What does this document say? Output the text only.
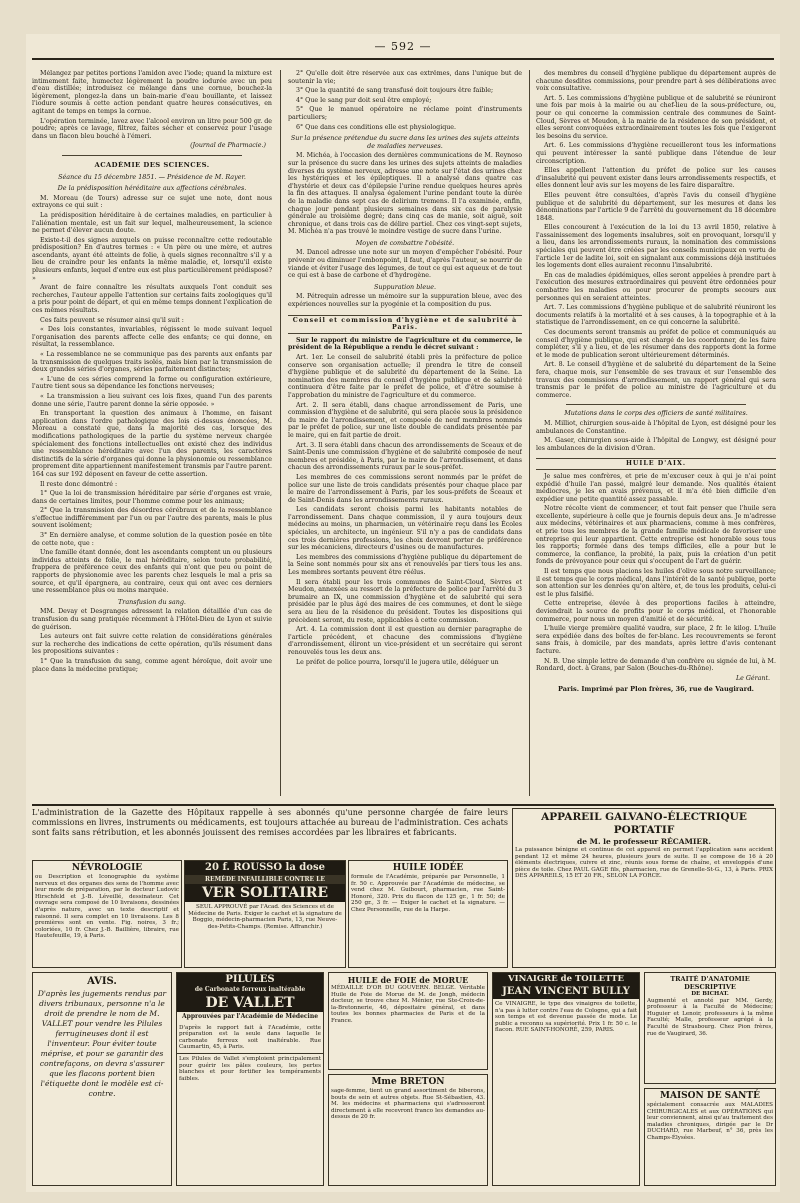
— 592 —

Mélangez par petites portions l'amidon avec l'iode; quand la mixture est intimement faite, humectez légèrement la poudre iodurée avec un peu d'eau distillée; introduisez ce mélange dans une cornue, bouchez-la légèrement, plongez-la dans un bain-marie d'eau bouillante, et laissez l'iodure soumis à cette action pendant quatre heures consécutives, en agitant de temps en temps la cornue.

L'opération terminée, lavez avec l'alcool environ un litre pour 500 gr. de poudre; après ce lavage, filtrez, faites sécher et conservez pour l'usage dans un flacon bleu bouché à l'émeri.

(Journal de Pharmacie.)
ACADÉMIE DES SCIENCES.
Séance du 15 décembre 1851. — Présidence de M. Rayer.
De la prédisposition héréditaire aux affections cérébrales.

M. Moreau (de Tours) adresse sur ce sujet une note, dont nous extrayons ce qui suit :

La prédisposition héréditaire à de certaines maladies, en particulier à l'aliénation mentale, est un fait sur lequel, malheureusement, la science ne permet d'élever aucun doute.

Existe-t-il des signes auxquels on puisse reconnaître cette redoutable prédisposition? En d'autres termes : « Un père ou une mère, et autres ascendants, ayant été atteints de folie, à quels signes reconnaître s'il y a lieu de craindre pour les enfants la même maladie, et, lorsqu'il existe plusieurs enfants, lequel d'entre eux est plus particulièrement prédisposé? »

Avant de faire connaître les résultats auxquels l'ont conduit ses recherches, l'auteur appelle l'attention sur certains faits zoologiques qu'il a pris pour point de départ, et qui en même temps donnent l'explication de ces mêmes résultats.

Ces faits peuvent se résumer ainsi qu'il suit :

« Des lois constantes, invariables, régissent le mode suivant lequel l'organisation des parents affecte celle des enfants; ce qui donne, en résultat, la ressemblance.

« La ressemblance ne se communique pas des parents aux enfants par la transmission de quelques traits isolés, mais bien par la transmission de deux grandes séries d'organes, séries parfaitement distinctes;

« L'une de ces séries comprend la forme ou configuration extérieure, l'autre tient sous sa dépendance les fonctions nerveuses;

« La transmission a lieu suivant ces lois fixes, quand l'un des parents donne une série, l'autre parent donne la série opposée. »

En transportant la question des animaux à l'homme, en faisant application dans l'ordre pathologique des lois ci-dessus énoncées, M. Moreau a constaté que, dans la majorité des cas, lorsque des modifications pathologiques de la partie du système nerveux chargée spécialement des fonctions intellectuelles ont existé chez des individus une ressemblance héréditaire avec l'un des parents, les caractères distinctifs de la série d'organes qui donne la physionomie ou ressemblance proprement dite appartiennent manifestement transmis par l'autre parent. 164 cas sur 192 déposent en faveur de cette assertion.

Il reste donc démontré :

1° Que la loi de transmission héréditaire par série d'organes est vraie, dans de certaines limites, pour l'homme comme pour les animaux;

2° Que la transmission des désordres cérébraux et de la ressemblance s'effectue indifféremment par l'un ou par l'autre des parents, mais le plus souvent isolément;

3° En dernière analyse, et comme solution de la question posée en tête de cette note, que :

Une famille étant donnée, dont les ascendants comptent un ou plusieurs individus atteints de folie, le mal héréditaire, selon toute probabilité, frappera de préférence ceux des enfants qui n'ont que peu ou point de rapports de physionomie avec les parents chez lesquels le mal a pris sa source, et qu'il épargnera, au contraire, ceux qui ont avec ces derniers une ressemblance plus ou moins marquée.

Transfusion du sang.

MM. Devay et Desgranges adressent la relation détaillée d'un cas de transfusion du sang pratiquée récemment à l'Hôtel-Dieu de Lyon et suivie de guérison.

Les auteurs ont fait suivre cette relation de considérations générales sur la recherche des indications de cette opération, qu'ils résument dans les propositions suivantes :

1° Que la transfusion du sang, comme agent héroïque, doit avoir une place dans la médecine pratique;

2° Qu'elle doit être réservée aux cas extrêmes, dans l'unique but de soutenir la vie;

3° Que la quantité de sang transfusé doit toujours être faible;

4° Que le sang pur doit seul être employé;

5° Que le manuel opératoire ne réclame point d'instruments particuliers;

6° Que dans ces conditions elle est physiologique.

Sur la présence prétendue du sucre dans les urines des sujets atteints de maladies nerveuses.

M. Michéa, à l'occasion des dernières communications de M. Reynoso sur la présence du sucre dans les urines des sujets atteints de maladies diverses du système nerveux, adresse une note sur l'état des urines chez les hystériques et les épileptiques. Il a analysé dans quatre cas d'hystérie et deux cas d'épilepsie l'urine rendue quelques heures après la fin des attaques. Il analysa également l'urine pendant toute la durée de la maladie dans sept cas de delirium tremens. Il l'a examinée, enfin, chaque jour pendant plusieurs semaines dans six cas de paralysie générale au troisième degré; dans cinq cas de manie, soit aiguë, soit chronique, et dans trois cas de délire partiel. Chez ces vingt-sept sujets, M. Michéa n'a pas trouvé le moindre vestige de sucre dans l'urine.

Moyen de combattre l'obésité.

M. Dancel adresse une note sur un moyen d'empêcher l'obésité. Pour prévenir ou diminuer l'embonpoint, il faut, d'après l'auteur, se nourrir de viande et éviter l'usage des légumes, de tout ce qui est aqueux et de tout ce qui est à base de carbone et d'hydrogène.

Suppuration bleue.

M. Pétrequin adresse un mémoire sur la suppuration bleue, avec des expériences nouvelles sur la pyogénie et la composition du pus.

Conseil et commission d'hygiène et de salubrité à Paris.

Sur le rapport du ministre de l'agriculture et du commerce, le président de la République a rendu le décret suivant :

Art. 1er. Le conseil de salubrité établi près la préfecture de police conserve son organisation actuelle; il prendra le titre de conseil d'hygiène publique et de salubrité du département de la Seine. La nomination des membres du conseil d'hygiène publique et de salubrité continuera d'être faite par le préfet de police, et d'être soumise à l'approbation du ministre de l'agriculture et du commerce.

Art. 2. Il sera établi, dans chaque arrondissement de Paris, une commission d'hygiène et de salubrité, qui sera placée sous la présidence du maire de l'arrondissement, et composée de neuf membres nommés par le préfet de police, sur une liste double de candidats présentée par le maire, qui en fait partie de droit.

Art. 3. Il sera établi dans chacun des arrondissements de Sceaux et de Saint-Denis une commission d'hygiène et de salubrité composée de neuf membres et présidée, à Paris, par le maire de l'arrondissement, et dans chacun des arrondissements ruraux par le sous-préfet.

Les membres de ces commissions seront nommés par le préfet de police sur une liste de trois candidats présentés pour chaque place par le maire de l'arrondissement à Paris, par les sous-préfets de Sceaux et de Saint-Denis dans les arrondissements ruraux.

Les candidats seront choisis parmi les habitants notables de l'arrondissement. Dans chaque commission, il y aura toujours deux médecins au moins, un pharmacien, un vétérinaire reçu dans les Écoles spéciales, un architecte, un ingénieur. S'il n'y a pas de candidats dans ces trois dernières professions, les choix devront porter de préférence sur les mécaniciens, directeurs d'usines ou de manufactures.

Les membres des commissions d'hygiène publique du département de la Seine sont nommés pour six ans et renouvelés par tiers tous les ans. Les membres sortants peuvent être réélus.

Il sera établi pour les trois communes de Saint-Cloud, Sèvres et Meudon, annexées au ressort de la préfecture de police par l'arrêté du 3 brumaire an IX, une commission d'hygiène et de salubrité qui sera présidée par le plus âgé des maires de ces communes, et dont le siège sera au lieu de la résidence du président. Toutes les dispositions qui précèdent seront, du reste, applicables à cette commission.

Art. 4. La commission dont il est question au dernier paragraphe de l'article précédent, et chacune des commissions d'hygiène d'arrondissement, éliront un vice-président et un secrétaire qui seront renouvelés tous les deux ans.

Le préfet de police pourra, lorsqu'il le jugera utile, déléguer un

des membres du conseil d'hygiène publique du département auprès de chacune desdites commissions, pour prendre part à ses délibérations avec voix consultative.

Art. 5. Les commissions d'hygiène publique et de salubrité se réuniront une fois par mois à la mairie ou au chef-lieu de la sous-préfecture, ou, pour ce qui concerne la commission centrale des communes de Saint-Cloud, Sèvres et Meudon, à la mairie de la résidence de son président, et elles seront convoquées extraordinairement toutes les fois que l'exigeront les besoins du service.

Art. 6. Les commissions d'hygiène recueilleront tous les informations qui peuvent intéresser la santé publique dans l'étendue de leur circonscription.

Elles appellent l'attention du préfet de police sur les causes d'insalubrité qui peuvent exister dans leurs arrondissements respectifs, et elles donnent leur avis sur les moyens de les faire disparaître.

Elles peuvent être consultées, d'après l'avis du conseil d'hygiène publique et de salubrité du département, sur les mesures et dans les dénominations par l'article 9 de l'arrêté du gouvernement du 18 décembre 1848.

Elles concourent à l'exécution de la loi du 13 avril 1850, relative à l'assainissement des logements insalubres, soit en provoquant, lorsqu'il y a lieu, dans les arrondissements ruraux, la nomination des commissions spéciales qui peuvent être créées par les conseils municipaux en vertu de l'article 1er de ladite loi, soit en signalant aux commissions déjà instituées les logements dont elles auraient reconnu l'insalubrité.

En cas de maladies épidémiques, elles seront appelées à prendre part à l'exécution des mesures extraordinaires qui peuvent être ordonnées pour combattre les maladies ou pour procurer de prompts secours aux personnes qui en seraient atteintes.

Art. 7. Les commissions d'hygiène publique et de salubrité réuniront les documents relatifs à la mortalité et à ses causes, à la topographie et à la statistique de l'arrondissement, en ce qui concerne la salubrité.

Ces documents seront transmis au préfet de police et communiqués au conseil d'hygiène publique, qui est chargé de les coordonner, de les faire compléter, s'il y a lieu, et de les résumer dans des rapports dont la forme et le mode de publication seront ultérieurement déterminés.

Art. 8. Le conseil d'hygiène et de salubrité du département de la Seine fera, chaque mois, sur l'ensemble de ses travaux et sur l'ensemble des travaux des commissions d'arrondissement, un rapport général qui sera transmis par le préfet de police au ministre de l'agriculture et du commerce.

Mutations dans le corps des officiers de santé militaires.

M. Milliot, chirurgien sous-aide à l'hôpital de Lyon, est désigné pour les ambulances de Constantine.

M. Gaser, chirurgien sous-aide à l'hôpital de Longwy, est désigné pour les ambulances de la division d'Oran.

HUILE D'AIX.

Je salue mes confrères, et prie de m'excuser ceux à qui je n'ai point expédié d'huile l'an passé, malgré leur demande. Nos qualités étaient médiocres, je les en avais prévenus, et il m'a été bien difficile d'en expédier une petite quantité assez passable.

Notre récolte vient de commencer, et tout fait penser que l'huile sera excellente, supérieure à celle que je fournis depuis deux ans. Je m'adresse aux médecins, vétérinaires et aux pharmaciens, comme à mes confrères, et prie tous les membres de la grande famille médicale de favoriser une entreprise qui leur appartient. Cette entreprise est honorable sous tous les rapports; formée dans des temps difficiles, elle a pour but le commerce, la confiance, la probité, la paix, puis la création d'un petit fonds de prévoyance pour ceux qui s'occupent de l'art de guérir.

Il est temps que nous placions les huiles d'olive sous notre surveillance; il est temps que le corps médical, dans l'intérêt de la santé publique, porte son attention sur les denrées qu'on altère, et, de tous les produits, celui-ci est le plus falsifié.

Cette entreprise, élevée à des proportions faciles à atteindre, deviendrait la source de profits pour le corps médical, et l'honorable commerce, pour nous un moyen d'amitié et de sécurité.

L'huile vierge première qualité vaudra, sur place, 2 fr. le kilog. L'huile sera expédiée dans des boîtes de fer-blanc. Les recouvrements se feront sans frais, à domicile, par des mandats, après lettre d'avis contenant facture.

N. B. Une simple lettre de demande d'un confrère ou signée de lui, à M. Rondard, doct. à Grans, par Salon (Bouches-du-Rhône).

Le Gérant.
Paris. Imprimé par Plon frères, 36, rue de Vaugirard.
L'administration de la Gazette des Hôpitaux rappelle à ses abonnés qu'une personne chargée de faire leurs commissions en livres, instruments ou médicaments, est toujours attachée au bureau de l'administration. Ces achats sont faits sans rétribution, et les abonnés jouissent des remises accordées par les libraires et fabricants.
NÉVROLOGIE
ou Description et Iconographie du système nerveux et des organes des sens de l'homme avec leur mode de préparation, par le docteur Ludovic Hirschfeld et J.-B. Léveillé, dessinateur. Cet ouvrage sera composé de 10 livraisons, dessinées d'après nature, avec un texte descriptif et raisonné. Il sera complet en 10 livraisons. Les 8 premières sont en vente. Fig. noires, 3 fr.; coloriées, 10 fr. Chez J.-B. Baillière, libraire, rue Hautefeuille, 19, à Paris.
20 f. ROUSSO la dose
REMÈDE INFAILLIBLE CONTRE LE
VER SOLITAIRE
SEUL APPROUVÉ par l'Acad. des Sciences et de Médecine de Paris. Exiger le cachet et la signature de Boggio, médecin-pharmacien Paris, 13, rue Neuve-des-Petits-Champs. (Remise. Affranchir.)
HUILE IODÉE
formule de l'Académie, préparée par Personnelle, 1 fr. 50 c. Approuvée par l'Académie de médecine, se vend chez M. Guibourt, pharmacien, rue Saint-Honoré, 320. Prix du flacon de 125 gr., 1 fr. 50; de 250 gr., 3 fr. — Exiger le cachet et la signature. — Chez Personnelle, rue de la Harpe.
APPAREIL GALVANO-ÉLECTRIQUE PORTATIF
de M. le professeur RÉCAMIER.
La puissance bénigne et continue de cet appareil en permet l'application sans accident pendant 12 et même 24 heures, plusieurs jours de suite. Il se compose de 16 à 20 éléments électriques, cuivre et zinc, réunis sous forme de chaîne, et enveloppés d'une pièce de toile. Chez PAUL GAGE fils, pharmacien, rue de Grenelle-St-G., 13, à Paris. PRIX DES APPAREILS, 15 ET 20 FR., SELON LA FORCE.
AVIS.
D'après les jugements rendus par divers tribunaux, personne n'a le droit de prendre le nom de M. VALLET pour vendre les Pilules ferrugineuses dont il est l'inventeur. Pour éviter toute méprise, et pour se garantir des contrefaçons, on devra s'assurer que les flacons portent bien l'étiquette dont le modèle est ci-contre.
PILULES
de Carbonate ferreux inaltérable
DE VALLET
Approuvées par l'Académie de Médecine
D'après le rapport fait à l'Académie, cette préparation est la seule dans laquelle le carbonate ferreux soit inaltérable. Rue Caumartin, 45, à Paris.
Les Pilules de Vallet s'emploient principalement pour guérir les pâles couleurs, les pertes blanches et pour fortifier les tempéraments faibles.
HUILE de FOIE de MORUE
MÉDAILLE D'OR DU GOUVERN. BELGE. Véritable Huile de Foie de Morue de M. de Jongh, médecin docteur, se trouve chez M. Ménier, rue Ste-Croix-de-la-Bretonnerie, 46, dépositaire général, et dans toutes les bonnes pharmacies de Paris et de la France.
Mme BRETON
sage-femme, tient un grand assortiment de biberons, bouts de sein et autres objets. Rue St-Sébastien, 43. M. les médecins et pharmaciens qui s'adresseront directement à elle recevront franco les demandes au-dessus de 20 fr.
VINAIGRE de TOILETTE
JEAN VINCENT BULLY
Ce VINAIGRE, le type des vinaigres de toilette, n'a pas à lutter contre l'eau de Cologne, qui a fait son temps et est devenue passée de mode. Le public a reconnu sa supériorité. Prix 1 fr. 50 c. le flacon. RUE SAINT-HONORÉ, 259, PARIS.
TRAITÉ D'ANATOMIE DESCRIPTIVE
DE BICHAT.
Augmenté et annoté par MM. Gerdy, professeur à la Faculté de Médecine; Huguier et Lenoir, professeurs à la même Faculté; Malle, professeur agrégé à la Faculté de Strasbourg. Chez Pion frères, rue de Vaugirard, 36.
MAISON DE SANTÉ
spécialement consacrée aux MALADIES CHIRURGICALES et aux OPÉRATIONS qui leur conviennent, ainsi qu'au traitement des maladies chroniques, dirigée par le Dr DUCHARD, rue Marbeuf, n° 36, près les Champs-Élysées.
